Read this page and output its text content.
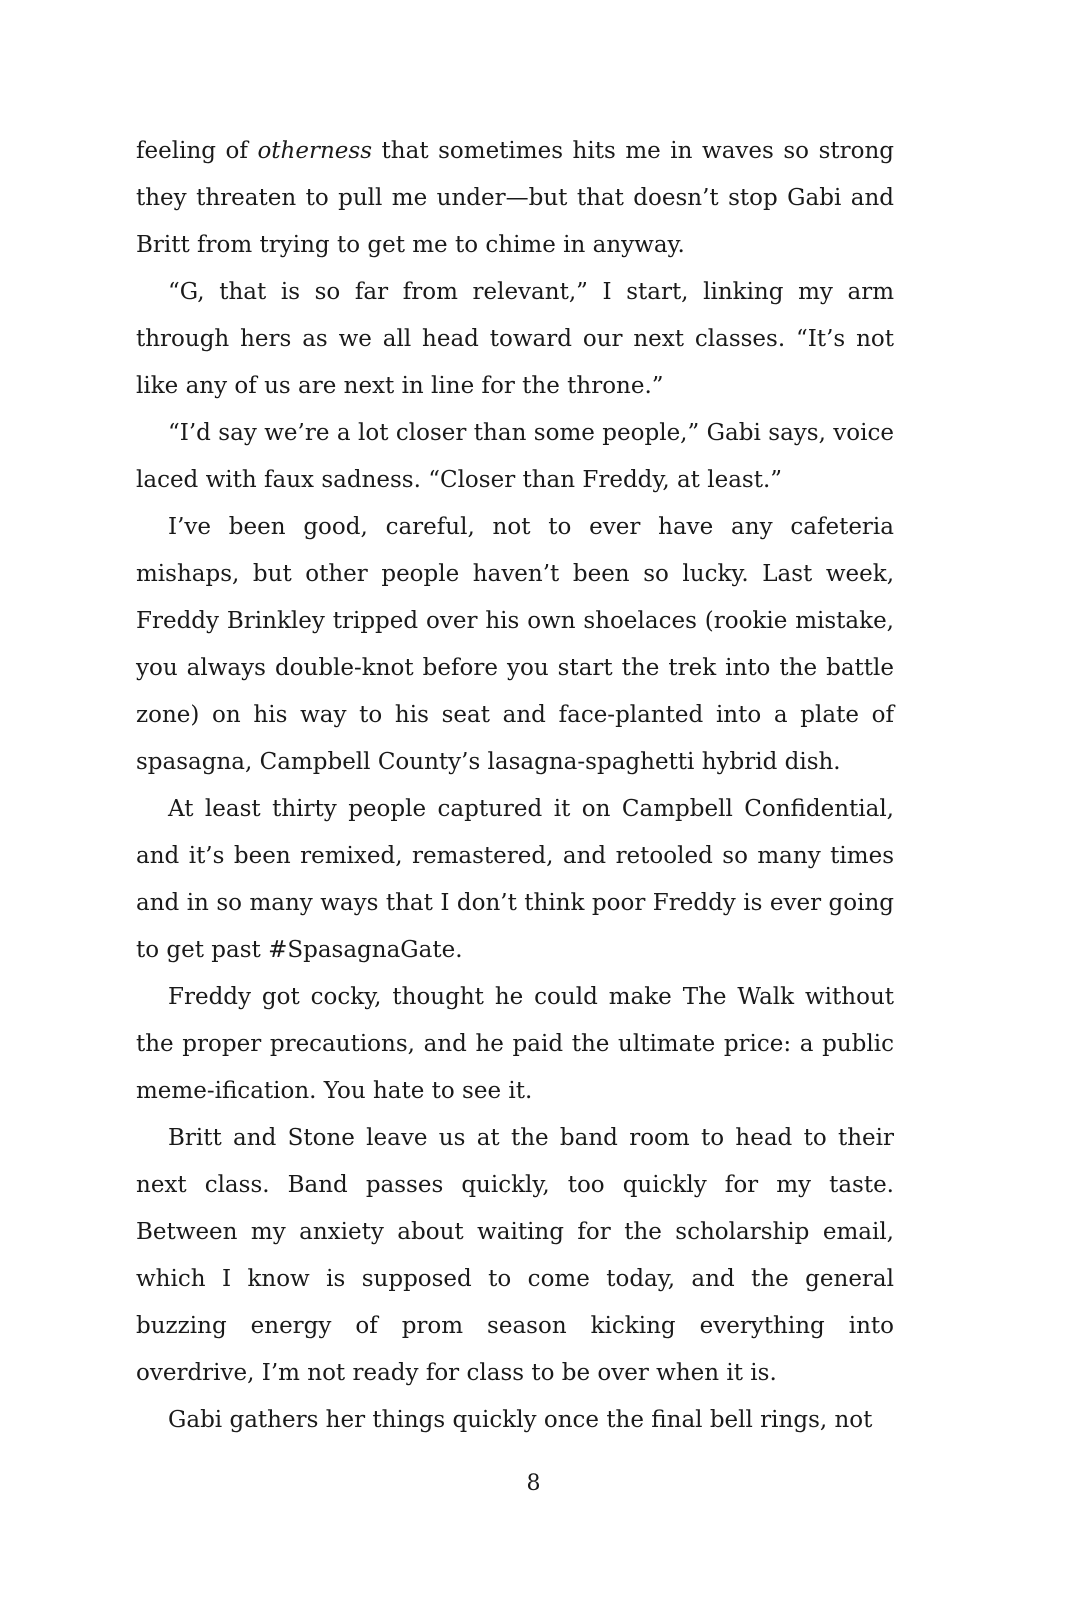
feeling of otherness that sometimes hits me in waves so strong they threaten to pull me under—but that doesn’t stop Gabi and Britt from trying to get me to chime in anyway.

“G, that is so far from relevant,” I start, linking my arm through hers as we all head toward our next classes. “It’s not like any of us are next in line for the throne.”

“I’d say we’re a lot closer than some people,” Gabi says, voice laced with faux sadness. “Closer than Freddy, at least.”

I’ve been good, careful, not to ever have any cafeteria mishaps, but other people haven’t been so lucky. Last week, Freddy Brinkley tripped over his own shoelaces (rookie mistake, you always double-knot before you start the trek into the battle zone) on his way to his seat and face-planted into a plate of spasagna, Campbell County’s lasagna-spaghetti hybrid dish.

At least thirty people captured it on Campbell Confidential, and it’s been remixed, remastered, and retooled so many times and in so many ways that I don’t think poor Freddy is ever going to get past #SpasagnaGate.

Freddy got cocky, thought he could make The Walk without the proper precautions, and he paid the ultimate price: a public meme-ification. You hate to see it.

Britt and Stone leave us at the band room to head to their next class. Band passes quickly, too quickly for my taste. Between my anxiety about waiting for the scholarship email, which I know is supposed to come today, and the general buzzing energy of prom season kicking everything into overdrive, I’m not ready for class to be over when it is.

Gabi gathers her things quickly once the final bell rings, not

8
